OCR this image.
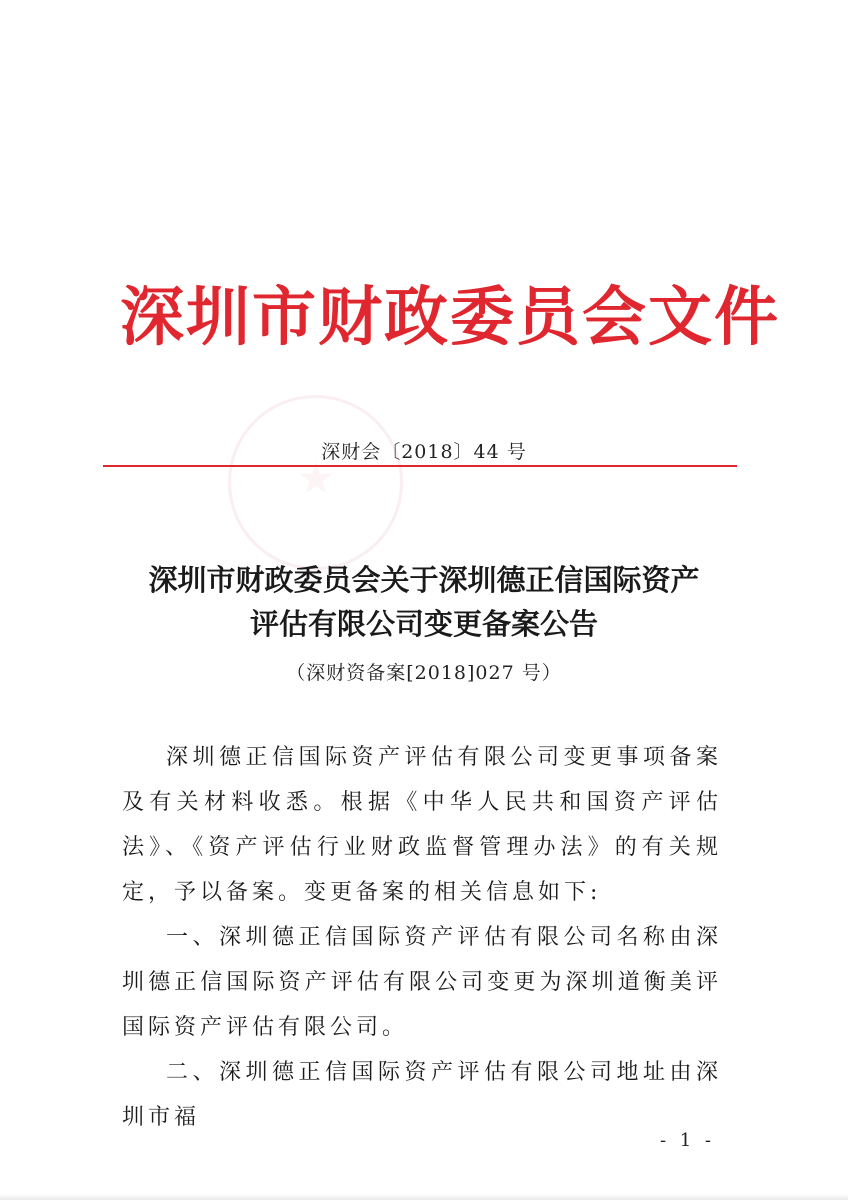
深圳市财政委员会文件
深财会〔2018〕44 号
深圳市财政委员会关于深圳德正信国际资产
评估有限公司变更备案公告
（深财资备案[2018]027 号）

深圳德正信国际资产评估有限公司变更事项备案及有关材料收悉。根据《中华人民共和国资产评估法》、《资产评估行业财政监督管理办法》的有关规定，予以备案。变更备案的相关信息如下:

一、深圳德正信国际资产评估有限公司名称由深圳德正信国际资产评估有限公司变更为深圳道衡美评国际资产评估有限公司。

二、深圳德正信国际资产评估有限公司地址由深圳市福

- 1 -
